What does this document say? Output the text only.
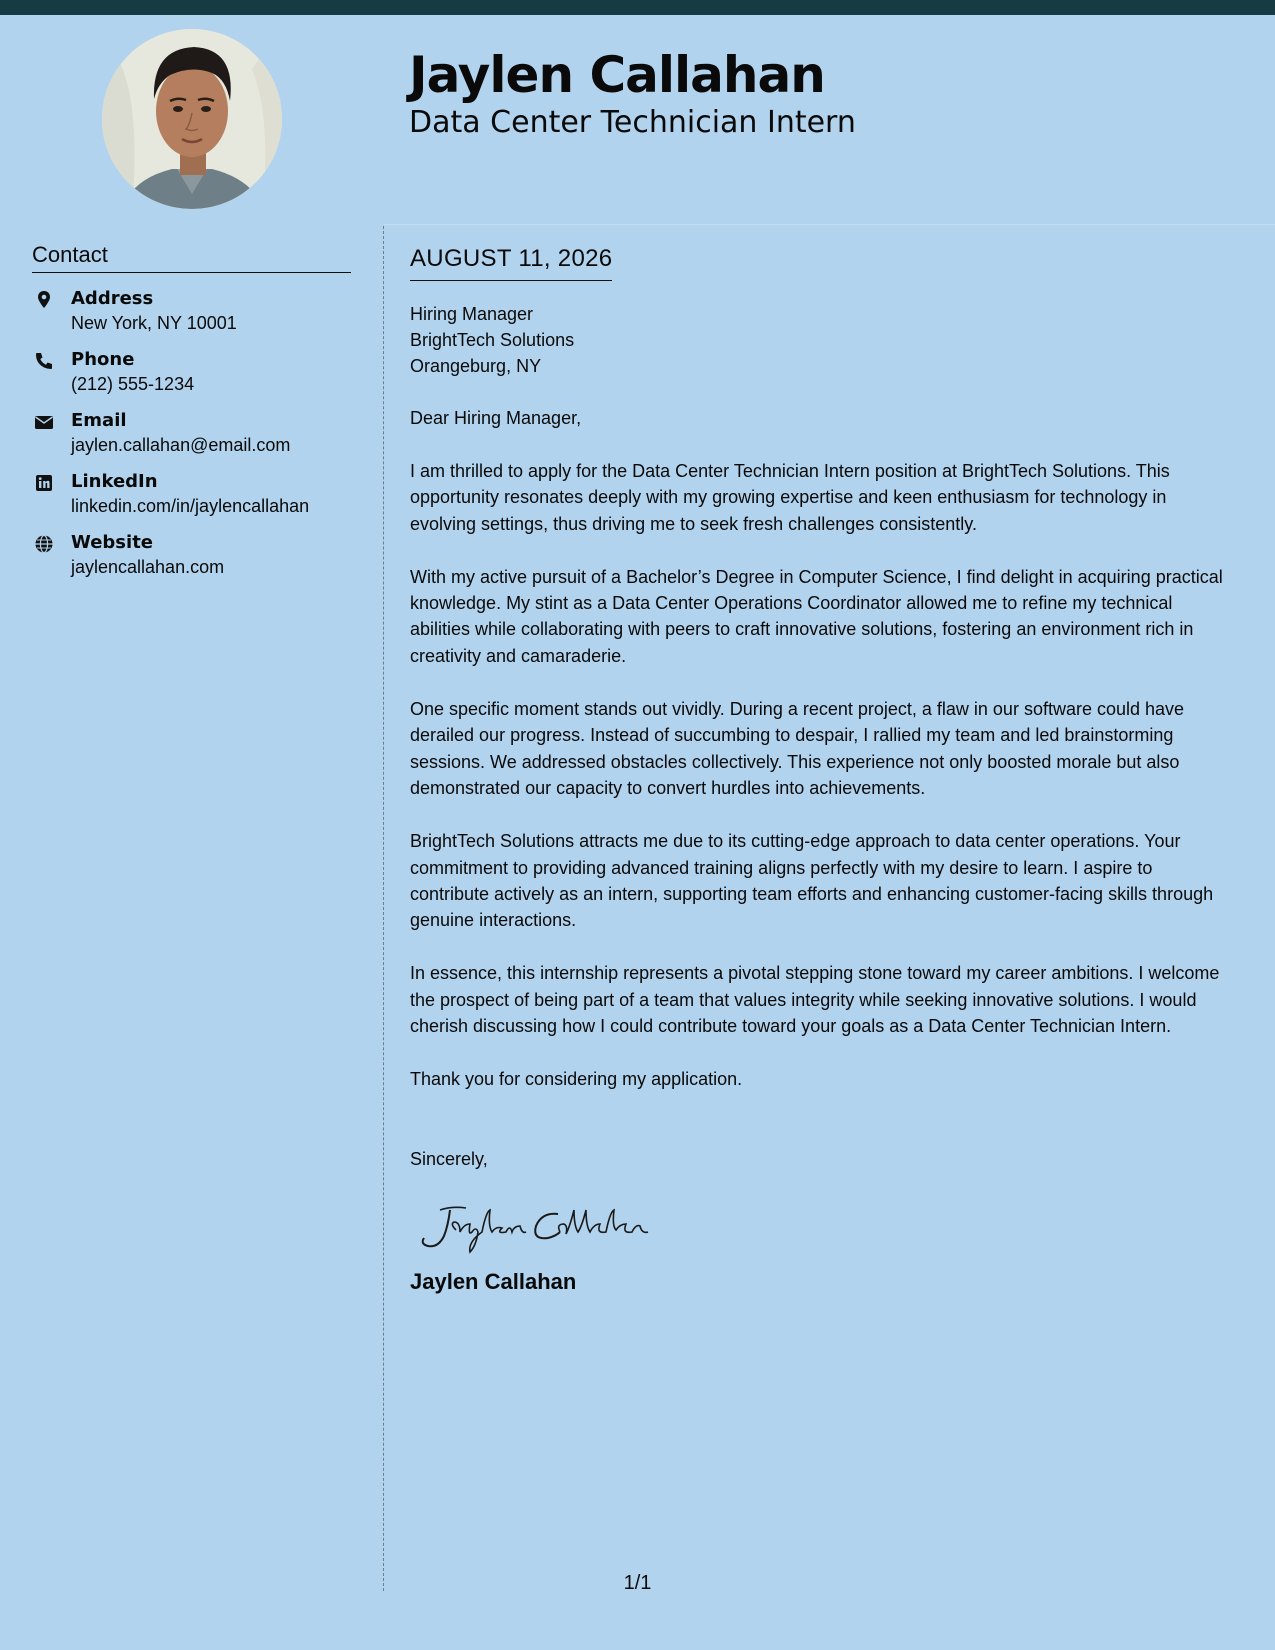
Jaylen Callahan
Data Center Technician Intern
Contact
Address
New York, NY 10001
Phone
(212) 555-1234
Email
jaylen.callahan@email.com
LinkedIn
linkedin.com/in/jaylencallahan
Website
jaylencallahan.com
AUGUST 11, 2026
Hiring Manager
BrightTech Solutions
Orangeburg, NY
Dear Hiring Manager,
I am thrilled to apply for the Data Center Technician Intern position at BrightTech Solutions. This opportunity resonates deeply with my growing expertise and keen enthusiasm for technology in evolving settings, thus driving me to seek fresh challenges consistently.
With my active pursuit of a Bachelor’s Degree in Computer Science, I find delight in acquiring practical knowledge. My stint as a Data Center Operations Coordinator allowed me to refine my technical abilities while collaborating with peers to craft innovative solutions, fostering an environment rich in creativity and camaraderie.
One specific moment stands out vividly. During a recent project, a flaw in our software could have derailed our progress. Instead of succumbing to despair, I rallied my team and led brainstorming sessions. We addressed obstacles collectively. This experience not only boosted morale but also demonstrated our capacity to convert hurdles into achievements.
BrightTech Solutions attracts me due to its cutting-edge approach to data center operations. Your commitment to providing advanced training aligns perfectly with my desire to learn. I aspire to contribute actively as an intern, supporting team efforts and enhancing customer-facing skills through genuine interactions.
In essence, this internship represents a pivotal stepping stone toward my career ambitions. I welcome the prospect of being part of a team that values integrity while seeking innovative solutions. I would cherish discussing how I could contribute toward your goals as a Data Center Technician Intern.
Thank you for considering my application.
Sincerely,
Jaylen Callahan
1/1
